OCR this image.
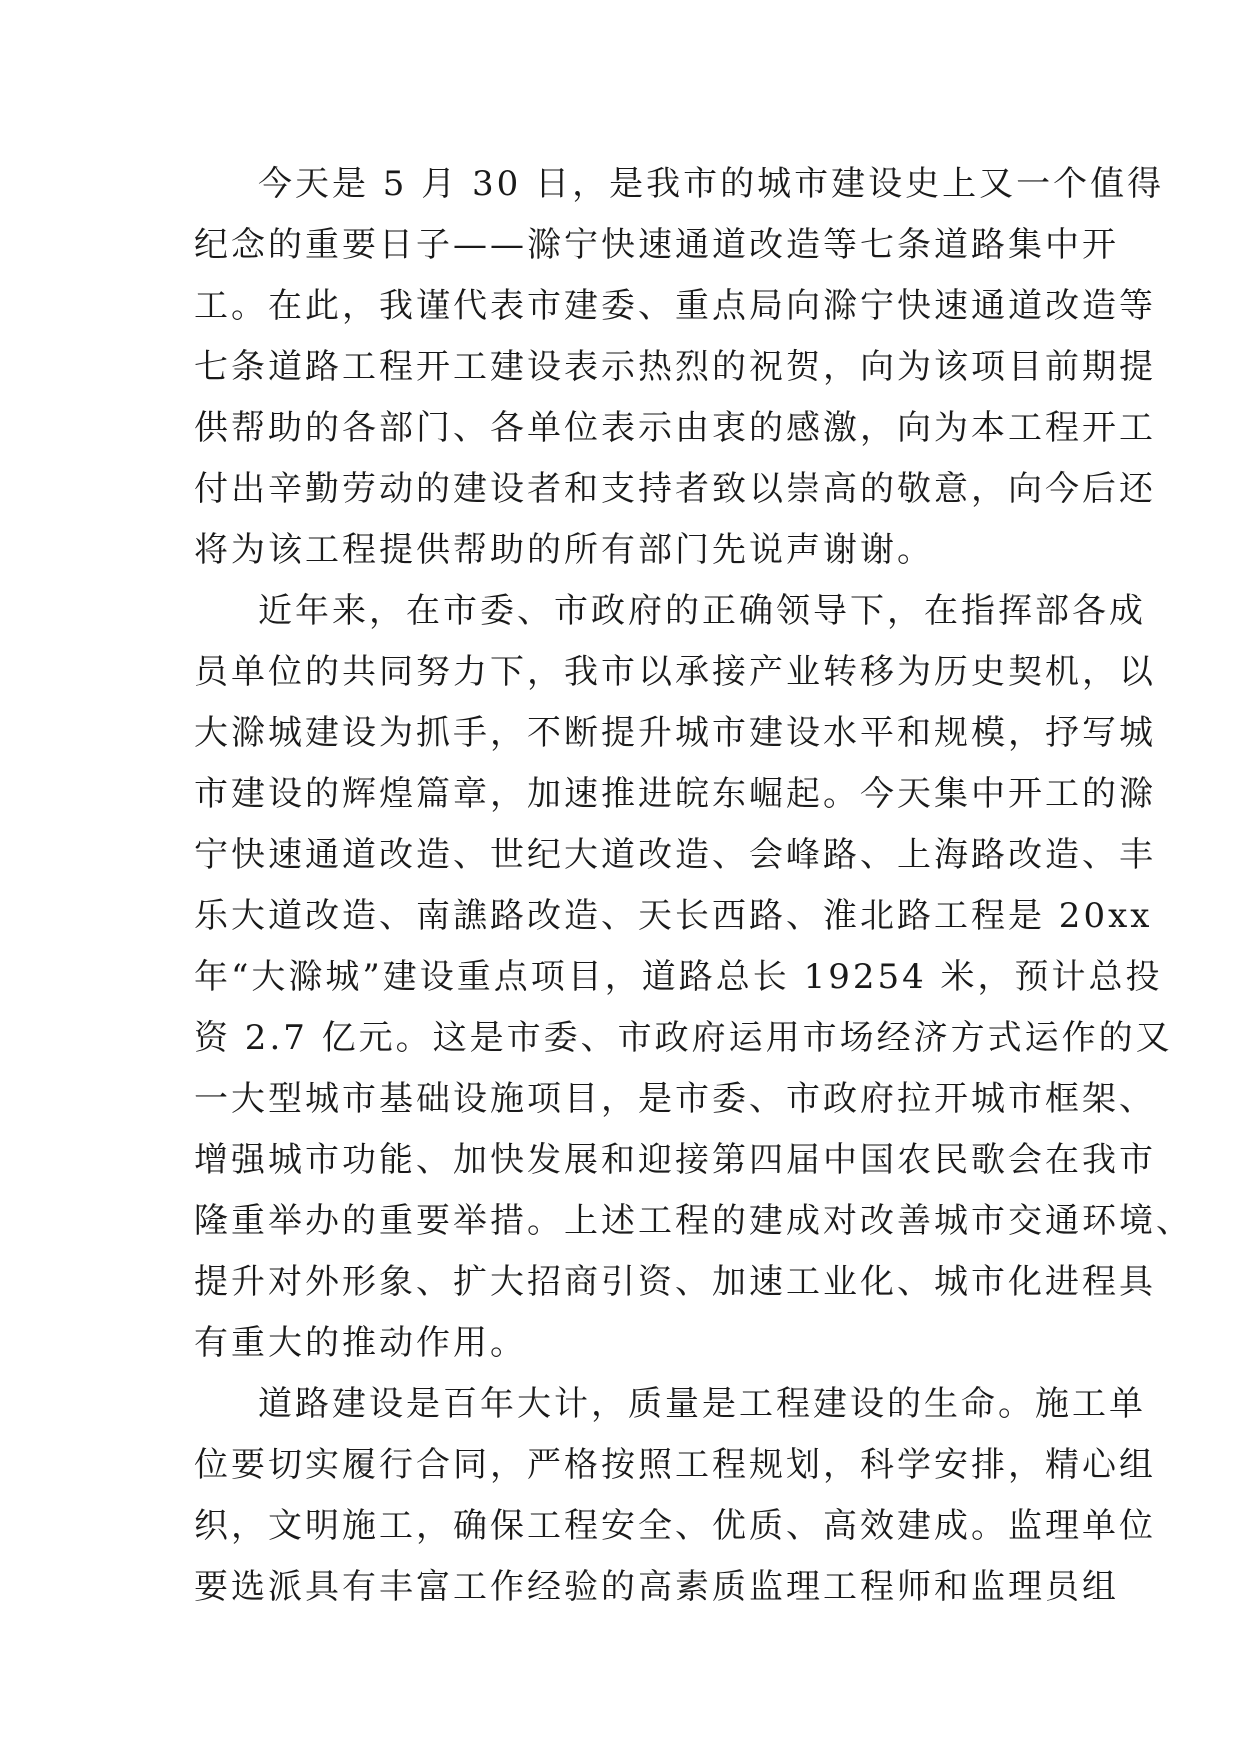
今天是 5 月 30 日，是我市的城市建设史上又一个值得
纪念的重要日子——滁宁快速通道改造等七条道路集中开
工。在此，我谨代表市建委、重点局向滁宁快速通道改造等
七条道路工程开工建设表示热烈的祝贺，向为该项目前期提
供帮助的各部门、各单位表示由衷的感激，向为本工程开工
付出辛勤劳动的建设者和支持者致以崇高的敬意，向今后还
将为该工程提供帮助的所有部门先说声谢谢。
近年来，在市委、市政府的正确领导下，在指挥部各成
员单位的共同努力下，我市以承接产业转移为历史契机，以
大滁城建设为抓手，不断提升城市建设水平和规模，抒写城
市建设的辉煌篇章，加速推进皖东崛起。今天集中开工的滁
宁快速通道改造、世纪大道改造、会峰路、上海路改造、丰
乐大道改造、南譙路改造、天长西路、淮北路工程是 20xx
年“大滁城”建设重点项目，道路总长 19254 米，预计总投
资 2.7 亿元。这是市委、市政府运用市场经济方式运作的又
一大型城市基础设施项目，是市委、市政府拉开城市框架、
增强城市功能、加快发展和迎接第四届中国农民歌会在我市
隆重举办的重要举措。上述工程的建成对改善城市交通环境、
提升对外形象、扩大招商引资、加速工业化、城市化进程具
有重大的推动作用。
道路建设是百年大计，质量是工程建设的生命。施工单
位要切实履行合同，严格按照工程规划，科学安排，精心组
织，文明施工，确保工程安全、优质、高效建成。监理单位
要选派具有丰富工作经验的高素质监理工程师和监理员组
